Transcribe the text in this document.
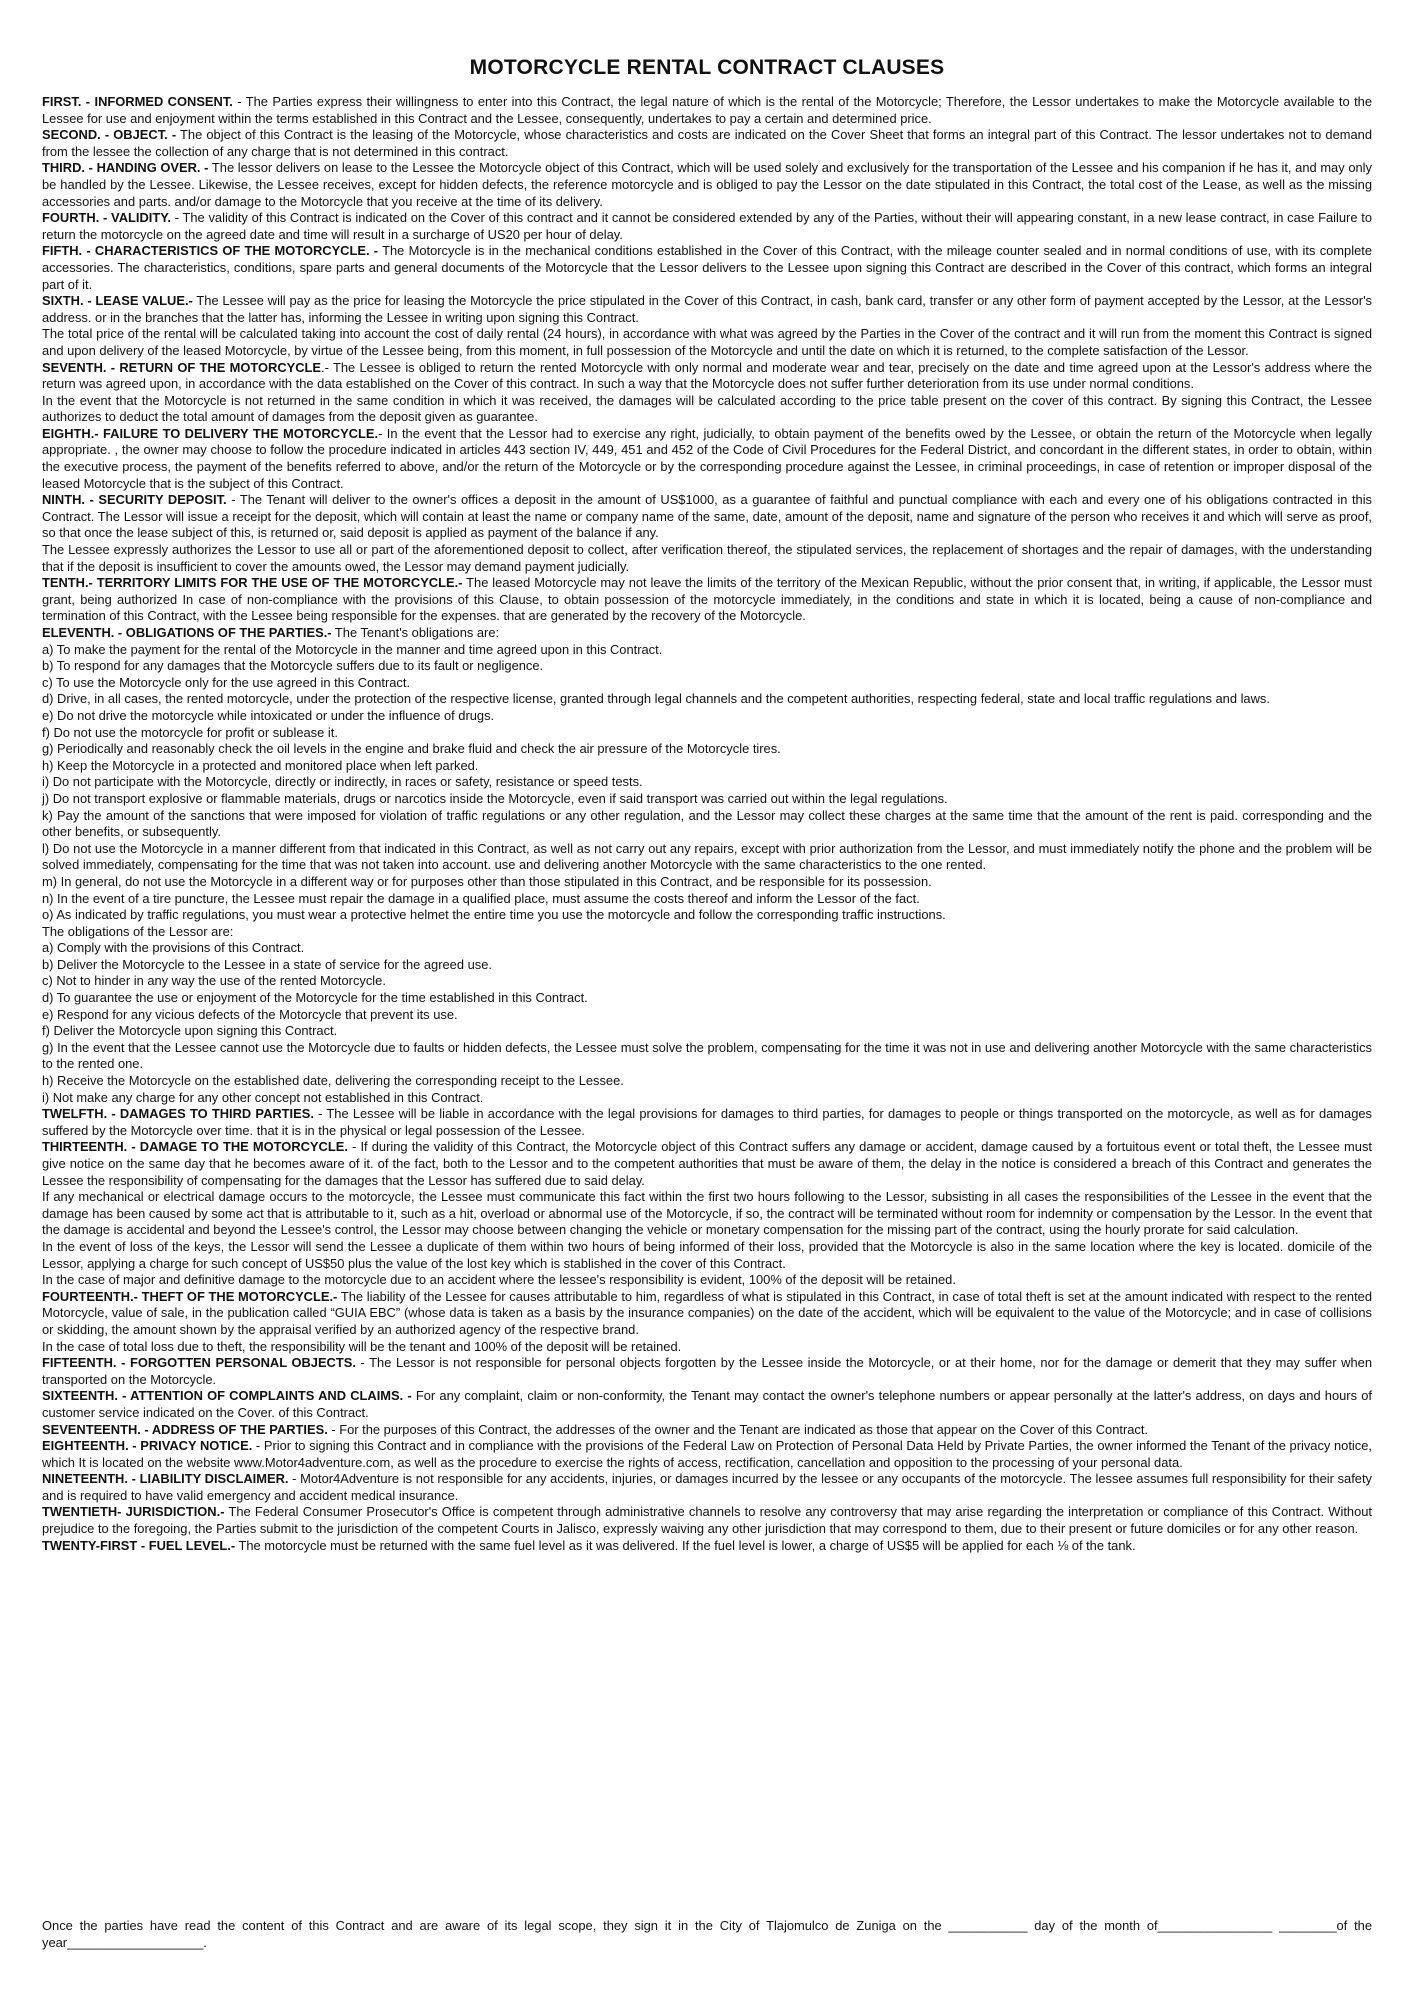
MOTORCYCLE RENTAL CONTRACT CLAUSES

FIRST. - INFORMED CONSENT. - The Parties express their willingness to enter into this Contract, the legal nature of which is the rental of the Motorcycle; Therefore, the Lessor undertakes to make the Motorcycle available to the Lessee for use and enjoyment within the terms established in this Contract and the Lessee, consequently, undertakes to pay a certain and determined price.

SECOND. - OBJECT. - The object of this Contract is the leasing of the Motorcycle, whose characteristics and costs are indicated on the Cover Sheet that forms an integral part of this Contract. The lessor undertakes not to demand from the lessee the collection of any charge that is not determined in this contract.

THIRD. - HANDING OVER. - The lessor delivers on lease to the Lessee the Motorcycle object of this Contract, which will be used solely and exclusively for the transportation of the Lessee and his companion if he has it, and may only be handled by the Lessee. Likewise, the Lessee receives, except for hidden defects, the reference motorcycle and is obliged to pay the Lessor on the date stipulated in this Contract, the total cost of the Lease, as well as the missing accessories and parts. and/or damage to the Motorcycle that you receive at the time of its delivery.

FOURTH. - VALIDITY. - The validity of this Contract is indicated on the Cover of this contract and it cannot be considered extended by any of the Parties, without their will appearing constant, in a new lease contract, in case Failure to return the motorcycle on the agreed date and time will result in a surcharge of US20 per hour of delay.

FIFTH. - CHARACTERISTICS OF THE MOTORCYCLE. - The Motorcycle is in the mechanical conditions established in the Cover of this Contract, with the mileage counter sealed and in normal conditions of use, with its complete accessories. The characteristics, conditions, spare parts and general documents of the Motorcycle that the Lessor delivers to the Lessee upon signing this Contract are described in the Cover of this contract, which forms an integral part of it.

SIXTH. - LEASE VALUE.- The Lessee will pay as the price for leasing the Motorcycle the price stipulated in the Cover of this Contract, in cash, bank card, transfer or any other form of payment accepted by the Lessor, at the Lessor's address. or in the branches that the latter has, informing the Lessee in writing upon signing this Contract.

The total price of the rental will be calculated taking into account the cost of daily rental (24 hours), in accordance with what was agreed by the Parties in the Cover of the contract and it will run from the moment this Contract is signed and upon delivery of the leased Motorcycle, by virtue of the Lessee being, from this moment, in full possession of the Motorcycle and until the date on which it is returned, to the complete satisfaction of the Lessor.

SEVENTH. - RETURN OF THE MOTORCYCLE.- The Lessee is obliged to return the rented Motorcycle with only normal and moderate wear and tear, precisely on the date and time agreed upon at the Lessor's address where the return was agreed upon, in accordance with the data established on the Cover of this contract. In such a way that the Motorcycle does not suffer further deterioration from its use under normal conditions.

In the event that the Motorcycle is not returned in the same condition in which it was received, the damages will be calculated according to the price table present on the cover of this contract. By signing this Contract, the Lessee authorizes to deduct the total amount of damages from the deposit given as guarantee.

EIGHTH.- FAILURE TO DELIVERY THE MOTORCYCLE.- In the event that the Lessor had to exercise any right, judicially, to obtain payment of the benefits owed by the Lessee, or obtain the return of the Motorcycle when legally appropriate. , the owner may choose to follow the procedure indicated in articles 443 section IV, 449, 451 and 452 of the Code of Civil Procedures for the Federal District, and concordant in the different states, in order to obtain, within the executive process, the payment of the benefits referred to above, and/or the return of the Motorcycle or by the corresponding procedure against the Lessee, in criminal proceedings, in case of retention or improper disposal of the leased Motorcycle that is the subject of this Contract.

NINTH. - SECURITY DEPOSIT. - The Tenant will deliver to the owner's offices a deposit in the amount of US$1000, as a guarantee of faithful and punctual compliance with each and every one of his obligations contracted in this Contract. The Lessor will issue a receipt for the deposit, which will contain at least the name or company name of the same, date, amount of the deposit, name and signature of the person who receives it and which will serve as proof, so that once the lease subject of this, is returned or, said deposit is applied as payment of the balance if any.

The Lessee expressly authorizes the Lessor to use all or part of the aforementioned deposit to collect, after verification thereof, the stipulated services, the replacement of shortages and the repair of damages, with the understanding that if the deposit is insufficient to cover the amounts owed, the Lessor may demand payment judicially.

TENTH.- TERRITORY LIMITS FOR THE USE OF THE MOTORCYCLE.- The leased Motorcycle may not leave the limits of the territory of the Mexican Republic, without the prior consent that, in writing, if applicable, the Lessor must grant, being authorized In case of non-compliance with the provisions of this Clause, to obtain possession of the motorcycle immediately, in the conditions and state in which it is located, being a cause of non-compliance and termination of this Contract, with the Lessee being responsible for the expenses. that are generated by the recovery of the Motorcycle.

ELEVENTH. - OBLIGATIONS OF THE PARTIES.- The Tenant's obligations are:

a) To make the payment for the rental of the Motorcycle in the manner and time agreed upon in this Contract.

b) To respond for any damages that the Motorcycle suffers due to its fault or negligence.

c) To use the Motorcycle only for the use agreed in this Contract.

d) Drive, in all cases, the rented motorcycle, under the protection of the respective license, granted through legal channels and the competent authorities, respecting federal, state and local traffic regulations and laws.

e) Do not drive the motorcycle while intoxicated or under the influence of drugs.

f) Do not use the motorcycle for profit or sublease it.

g) Periodically and reasonably check the oil levels in the engine and brake fluid and check the air pressure of the Motorcycle tires.

h) Keep the Motorcycle in a protected and monitored place when left parked.

i) Do not participate with the Motorcycle, directly or indirectly, in races or safety, resistance or speed tests.

j) Do not transport explosive or flammable materials, drugs or narcotics inside the Motorcycle, even if said transport was carried out within the legal regulations.

k) Pay the amount of the sanctions that were imposed for violation of traffic regulations or any other regulation, and the Lessor may collect these charges at the same time that the amount of the rent is paid. corresponding and the other benefits, or subsequently.

l) Do not use the Motorcycle in a manner different from that indicated in this Contract, as well as not carry out any repairs, except with prior authorization from the Lessor, and must immediately notify the phone and the problem will be solved immediately, compensating for the time that was not taken into account. use and delivering another Motorcycle with the same characteristics to the one rented.

m) In general, do not use the Motorcycle in a different way or for purposes other than those stipulated in this Contract, and be responsible for its possession.

n) In the event of a tire puncture, the Lessee must repair the damage in a qualified place, must assume the costs thereof and inform the Lessor of the fact.

o) As indicated by traffic regulations, you must wear a protective helmet the entire time you use the motorcycle and follow the corresponding traffic instructions.

The obligations of the Lessor are:

a) Comply with the provisions of this Contract.

b) Deliver the Motorcycle to the Lessee in a state of service for the agreed use.

c) Not to hinder in any way the use of the rented Motorcycle.

d) To guarantee the use or enjoyment of the Motorcycle for the time established in this Contract.

e) Respond for any vicious defects of the Motorcycle that prevent its use.

f) Deliver the Motorcycle upon signing this Contract.

g) In the event that the Lessee cannot use the Motorcycle due to faults or hidden defects, the Lessee must solve the problem, compensating for the time it was not in use and delivering another Motorcycle with the same characteristics to the rented one.

h) Receive the Motorcycle on the established date, delivering the corresponding receipt to the Lessee.

i) Not make any charge for any other concept not established in this Contract.

TWELFTH. - DAMAGES TO THIRD PARTIES. - The Lessee will be liable in accordance with the legal provisions for damages to third parties, for damages to people or things transported on the motorcycle, as well as for damages suffered by the Motorcycle over time. that it is in the physical or legal possession of the Lessee.

THIRTEENTH. - DAMAGE TO THE MOTORCYCLE. - If during the validity of this Contract, the Motorcycle object of this Contract suffers any damage or accident, damage caused by a fortuitous event or total theft, the Lessee must give notice on the same day that he becomes aware of it. of the fact, both to the Lessor and to the competent authorities that must be aware of them, the delay in the notice is considered a breach of this Contract and generates the Lessee the responsibility of compensating for the damages that the Lessor has suffered due to said delay.

If any mechanical or electrical damage occurs to the motorcycle, the Lessee must communicate this fact within the first two hours following to the Lessor, subsisting in all cases the responsibilities of the Lessee in the event that the damage has been caused by some act that is attributable to it, such as a hit, overload or abnormal use of the Motorcycle, if so, the contract will be terminated without room for indemnity or compensation by the Lessor. In the event that the damage is accidental and beyond the Lessee's control, the Lessor may choose between changing the vehicle or monetary compensation for the missing part of the contract, using the hourly prorate for said calculation.

In the event of loss of the keys, the Lessor will send the Lessee a duplicate of them within two hours of being informed of their loss, provided that the Motorcycle is also in the same location where the key is located. domicile of the Lessor, applying a charge for such concept of US$50 plus the value of the lost key which is stablished in the cover of this Contract.

In the case of major and definitive damage to the motorcycle due to an accident where the lessee's responsibility is evident, 100% of the deposit will be retained.

FOURTEENTH.- THEFT OF THE MOTORCYCLE.- The liability of the Lessee for causes attributable to him, regardless of what is stipulated in this Contract, in case of total theft is set at the amount indicated with respect to the rented Motorcycle, value of sale, in the publication called “GUIA EBC” (whose data is taken as a basis by the insurance companies) on the date of the accident, which will be equivalent to the value of the Motorcycle; and in case of collisions or skidding, the amount shown by the appraisal verified by an authorized agency of the respective brand.

In the case of total loss due to theft, the responsibility will be the tenant and 100% of the deposit will be retained.

FIFTEENTH. - FORGOTTEN PERSONAL OBJECTS. - The Lessor is not responsible for personal objects forgotten by the Lessee inside the Motorcycle, or at their home, nor for the damage or demerit that they may suffer when transported on the Motorcycle.

SIXTEENTH. - ATTENTION OF COMPLAINTS AND CLAIMS. - For any complaint, claim or non-conformity, the Tenant may contact the owner's telephone numbers or appear personally at the latter's address, on days and hours of customer service indicated on the Cover. of this Contract.

SEVENTEENTH. - ADDRESS OF THE PARTIES. - For the purposes of this Contract, the addresses of the owner and the Tenant are indicated as those that appear on the Cover of this Contract.

EIGHTEENTH. - PRIVACY NOTICE. - Prior to signing this Contract and in compliance with the provisions of the Federal Law on Protection of Personal Data Held by Private Parties, the owner informed the Tenant of the privacy notice, which It is located on the website www.Motor4adventure.com, as well as the procedure to exercise the rights of access, rectification, cancellation and opposition to the processing of your personal data.

NINETEENTH. - LIABILITY DISCLAIMER. - Motor4Adventure is not responsible for any accidents, injuries, or damages incurred by the lessee or any occupants of the motorcycle. The lessee assumes full responsibility for their safety and is required to have valid emergency and accident medical insurance.

TWENTIETH- JURISDICTION.- The Federal Consumer Prosecutor's Office is competent through administrative channels to resolve any controversy that may arise regarding the interpretation or compliance of this Contract. Without prejudice to the foregoing, the Parties submit to the jurisdiction of the competent Courts in Jalisco, expressly waiving any other jurisdiction that may correspond to them, due to their present or future domiciles or for any other reason.

TWENTY-FIRST - FUEL LEVEL.- The motorcycle must be returned with the same fuel level as it was delivered. If the fuel level is lower, a charge of US$5 will be applied for each ⅛ of the tank.

Once the parties have read the content of this Contract and are aware of its legal scope, they sign it in the City of Tlajomulco de Zuniga on the ___________ day of the month of________________ ________of the year___________________.
